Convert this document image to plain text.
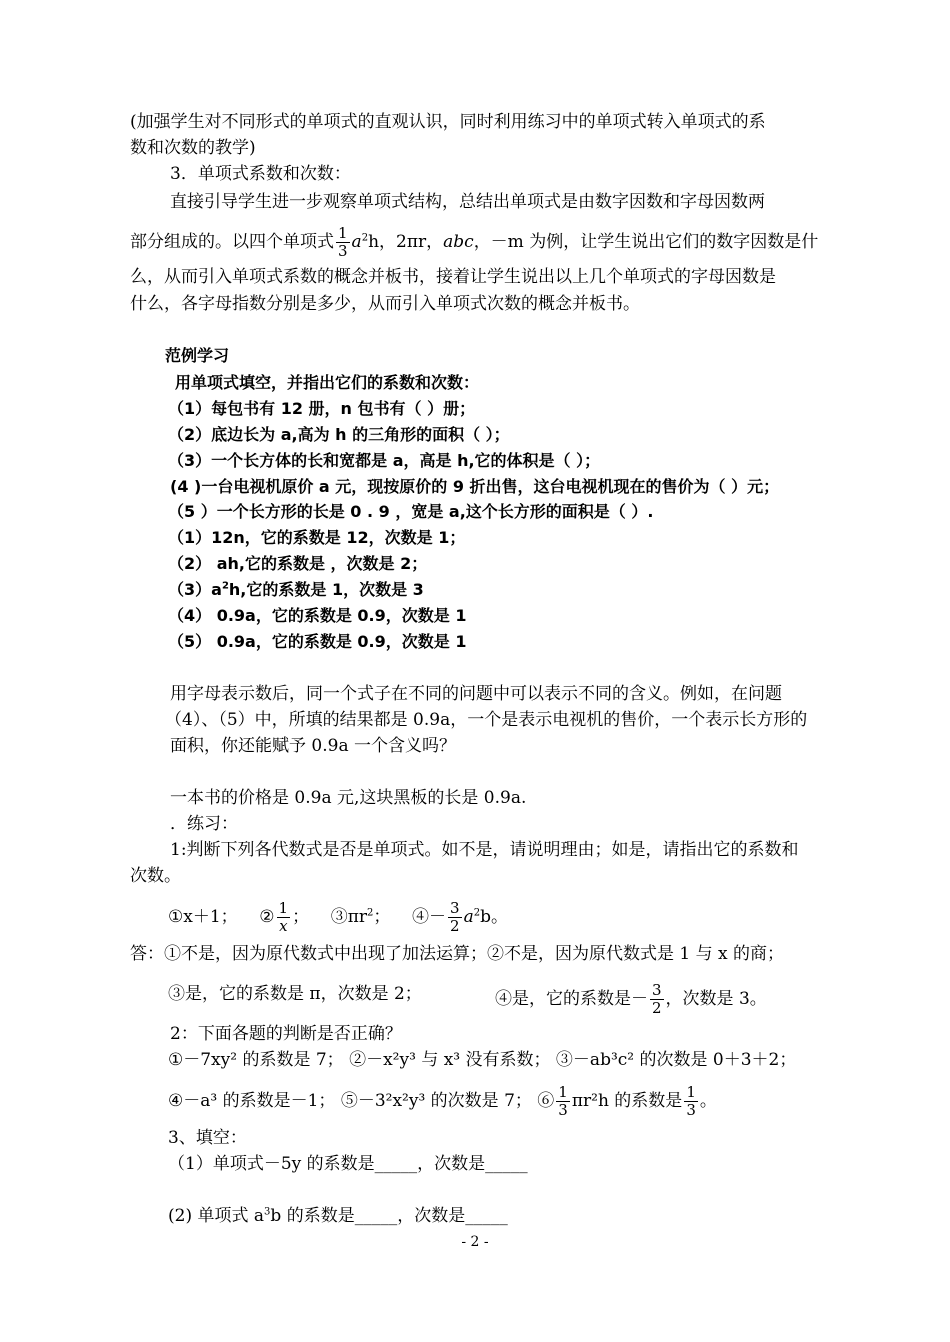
(加强学生对不同形式的单项式的直观认识，同时利用练习中的单项式转入单项式的系
数和次数的教学)
3．单项式系数和次数：
直接引导学生进一步观察单项式结构，总结出单项式是由数字因数和字母因数两
部分组成的。以四个单项式 $\frac{1}{3} a^2h$，2πr，abc，－m 为例，让学生说出它们的数字因数是什
么，从而引入单项式系数的概念并板书，接着让学生说出以上几个单项式的字母因数是
什么，各字母指数分别是多少，从而引入单项式次数的概念并板书。
范例学习
用单项式填空，并指出它们的系数和次数：
（1）每包书有 12 册，n 包书有（ ）册；
（2）底边长为 a,高为 h 的三角形的面积（ ）；
（3）一个长方体的长和宽都是 a，高是 h,它的体积是（ ）；
(4 )一台电视机原价 a 元，现按原价的 9 折出售，这台电视机现在的售价为（ ）元；
（5 ）一个长方形的长是 0 . 9 ，宽是 a,这个长方形的面积是（ ）.
（1）12n，它的系数是 12，次数是 1；
（2） ah,它的系数是 ，次数是 2；
$(3)a^2h$,它的系数是 1，次数是 3
（4） 0.9a，它的系数是 0.9，次数是 1
（5） 0.9a，它的系数是 0.9，次数是 1
用字母表示数后，同一个式子在不同的问题中可以表示不同的含义。例如，在问题
（4）、（5）中，所填的结果都是 0.9a，一个是表示电视机的售价，一个表示长方形的
面积，你还能赋予 0.9a 一个含义吗？
一本书的价格是 0.9a 元,这块黑板的长是 0.9a.
．练习：
1:判断下列各代数式是否是单项式。如不是，请说明理由；如是，请指出它的系数和
次数。
①x＋1； ② $\frac{1}{x}$ ； $③\pi r^2$； ④－ $\frac{3}{2} a^2b$。
答：①不是，因为原代数式中出现了加法运算；②不是，因为原代数式是 1 与 x 的商；
③是，它的系数是 π，次数是 2；	④是，它的系数是－ $\frac{3}{2}$ ，次数是 3。
2：下面各题的判断是否正确？
①－7xy² 的系数是 7； ②－x²y³ 与 x³ 没有系数； ③－ab³c² 的次数是 0＋3＋2；
④－a³ 的系数是－1； ⑤－3²x²y³ 的次数是 7； ⑥ $\frac{1}{3} \pi r^2h$ 的系数是 $\frac{1}{3}$ 。
3、填空：
（1）单项式－5y 的系数是_____，次数是_____
(2) 单项式 $a^3b$ 的系数是_____，次数是_____
- 2 -
